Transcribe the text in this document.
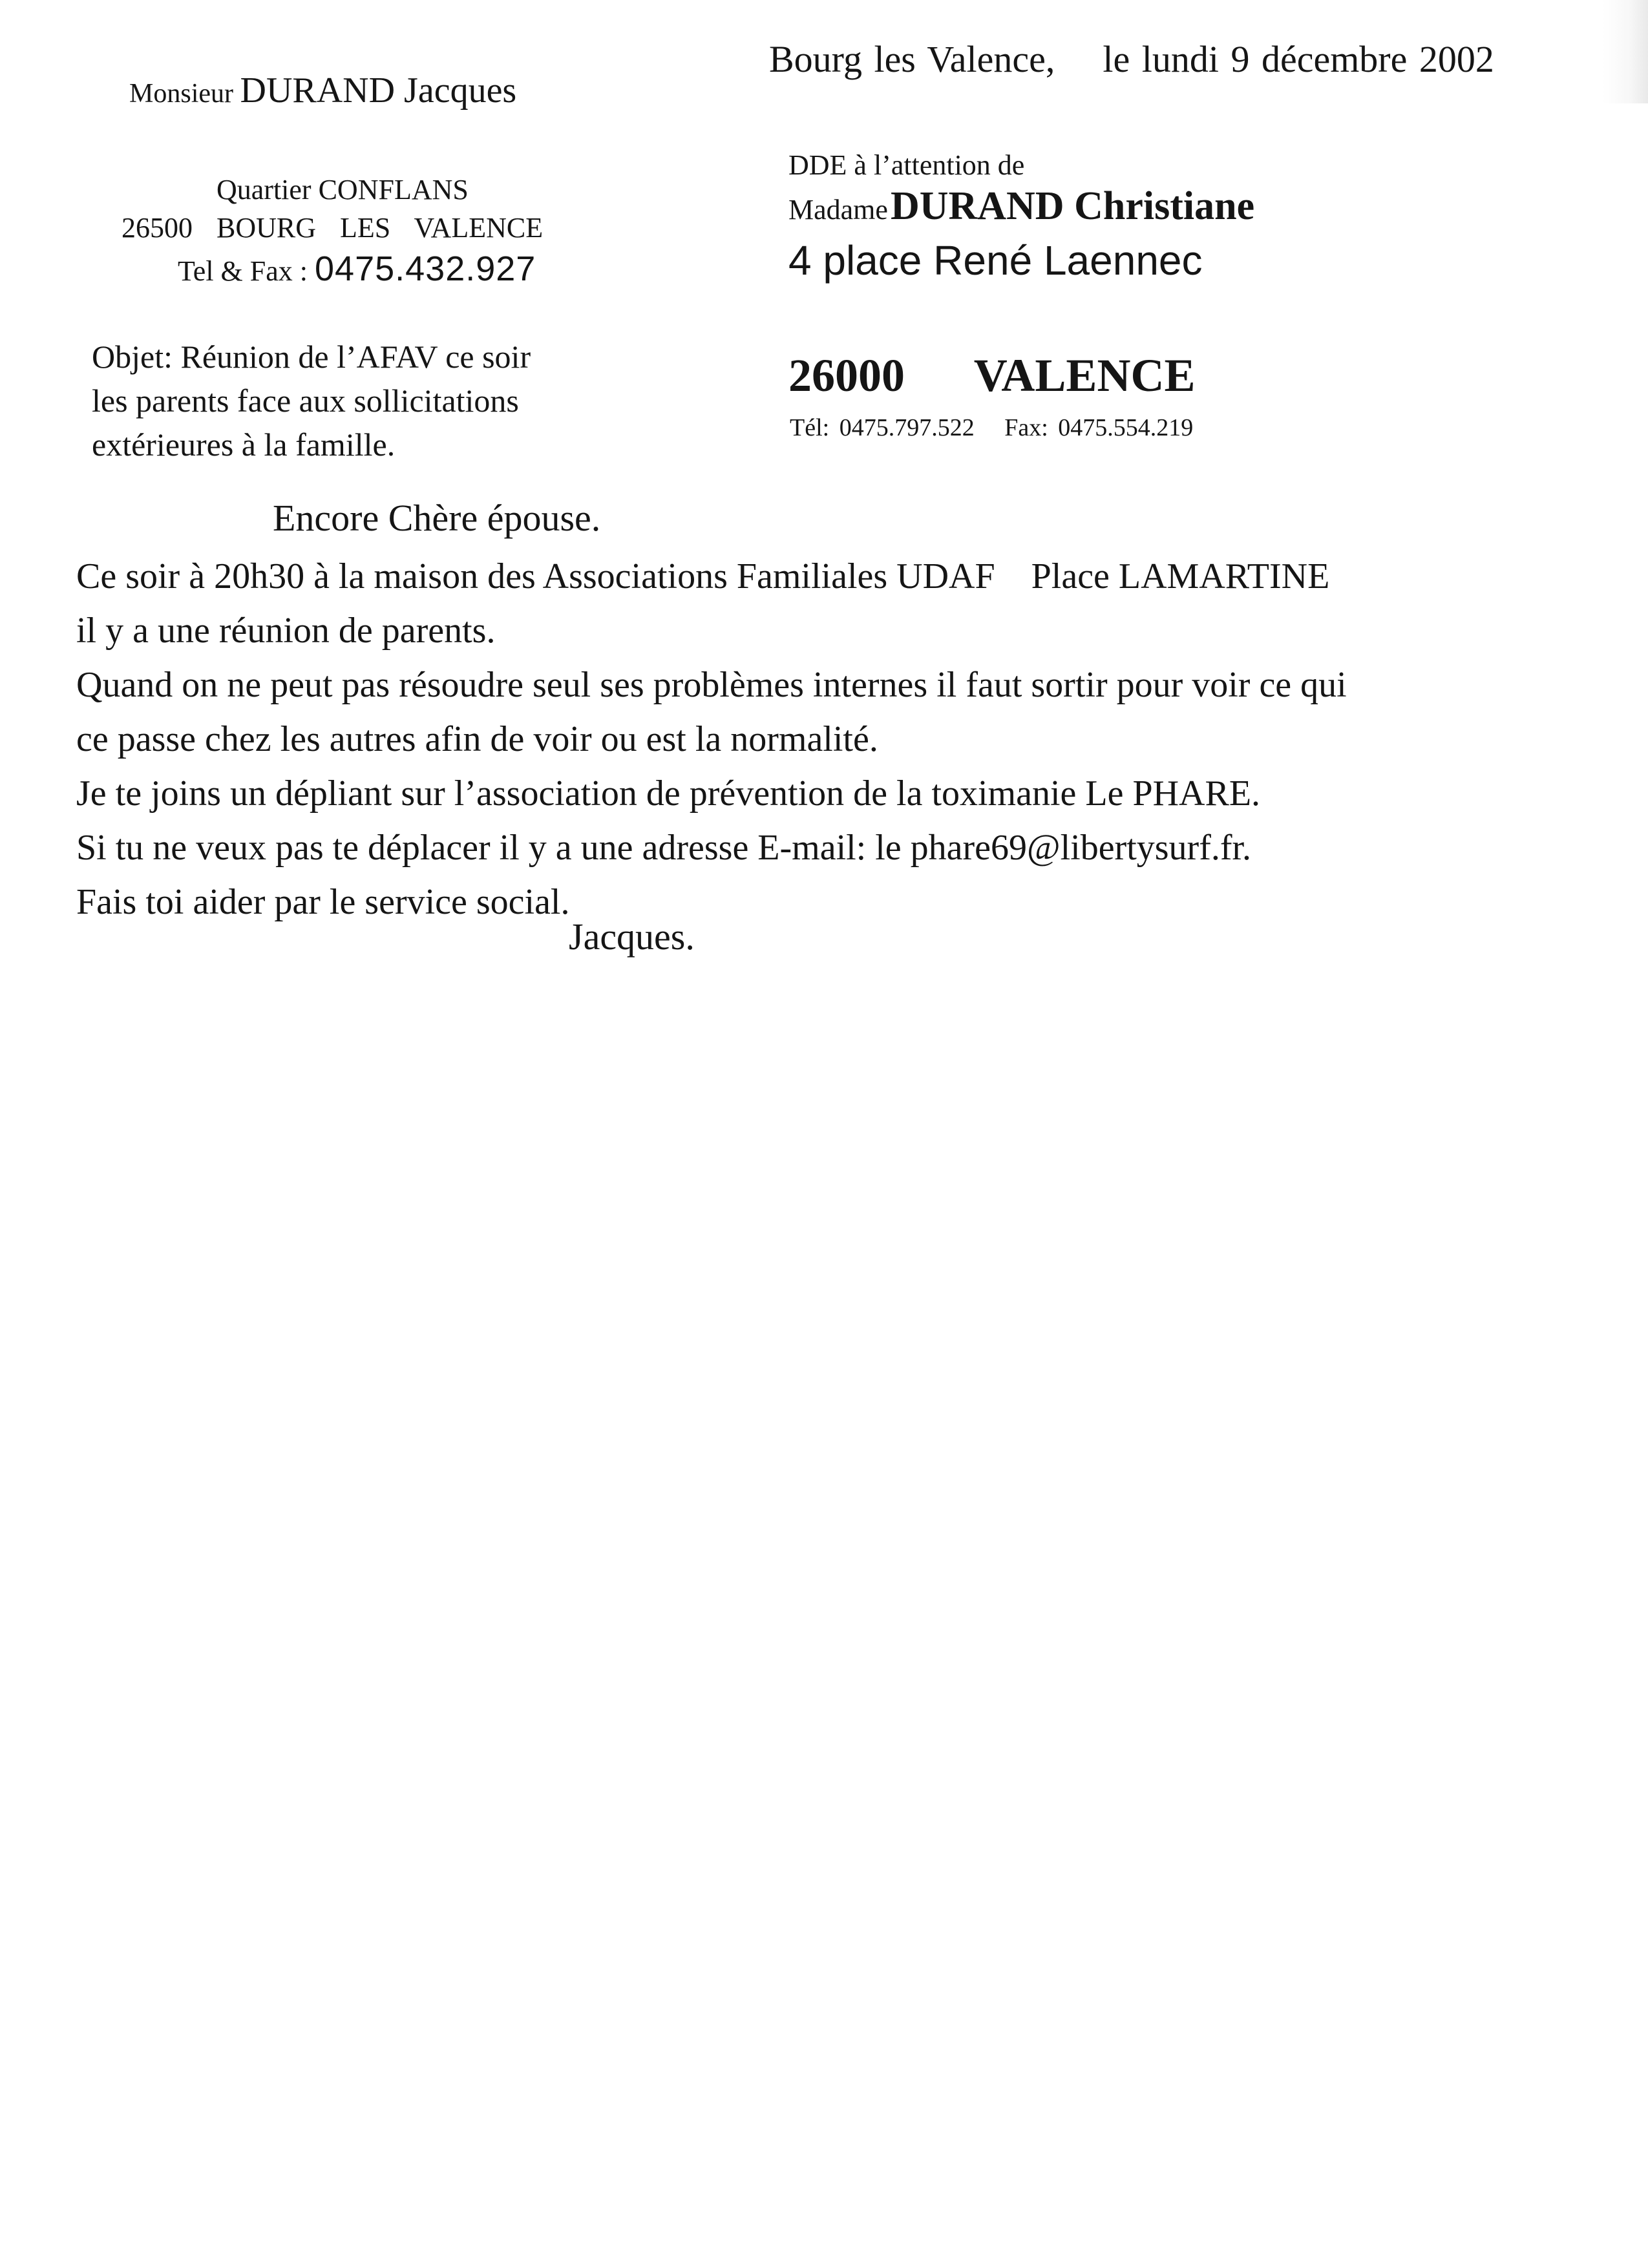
Monsieur DURAND Jacques
Quartier CONFLANS
26500 BOURG LES VALENCE
Tel & Fax : 0475.432.927
Bourg les Valence,    le lundi 9 décembre 2002
DDE à l’attention de
Madame DURAND Christiane
4 place René Laennec
26000  VALENCE
Tél: 0475.797.522   Fax: 0475.554.219
Objet: Réunion de l’AFAV ce soir
les parents face aux sollicitations
extérieures à la famille.
Encore Chère épouse.
Ce soir à 20h30 à la maison des Associations Familiales UDAF    Place LAMARTINE
il y a une réunion de parents.
Quand on ne peut pas résoudre seul ses problèmes internes il faut sortir pour voir ce qui
ce passe chez les autres afin de voir ou est la normalité.
Je te joins un dépliant sur l’association de prévention de la toximanie Le PHARE.
Si tu ne veux pas te déplacer il y a une adresse E-mail: le phare69@libertysurf.fr.
Fais toi aider par le service social.
Jacques.
